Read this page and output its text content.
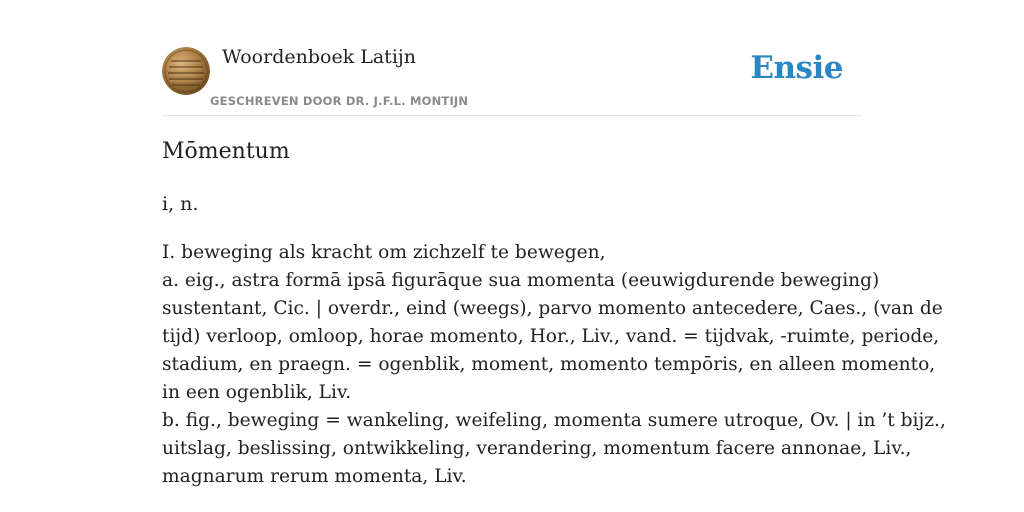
Woordenboek Latijn
GESCHREVEN DOOR DR. J.F.L. MONTIJN
Ensie
Mōmentum
i, n.
I. beweging als kracht om zichzelf te bewegen,
a. eig., astra formā ipsā figurāque sua momenta (eeuwigdurende beweging)
sustentant, Cic. | overdr., eind (weegs), parvo momento antecedere, Caes., (van de
tijd) verloop, omloop, horae momento, Hor., Liv., vand. = tijdvak, -ruimte, periode,
stadium, en praegn. = ogenblik, moment, momento tempōris, en alleen momento,
in een ogenblik, Liv.
b. fig., beweging = wankeling, weifeling, momenta sumere utroque, Ov. | in ’t bijz.,
uitslag, beslissing, ontwikkeling, verandering, momentum facere annonae, Liv.,
magnarum rerum momenta, Liv.
